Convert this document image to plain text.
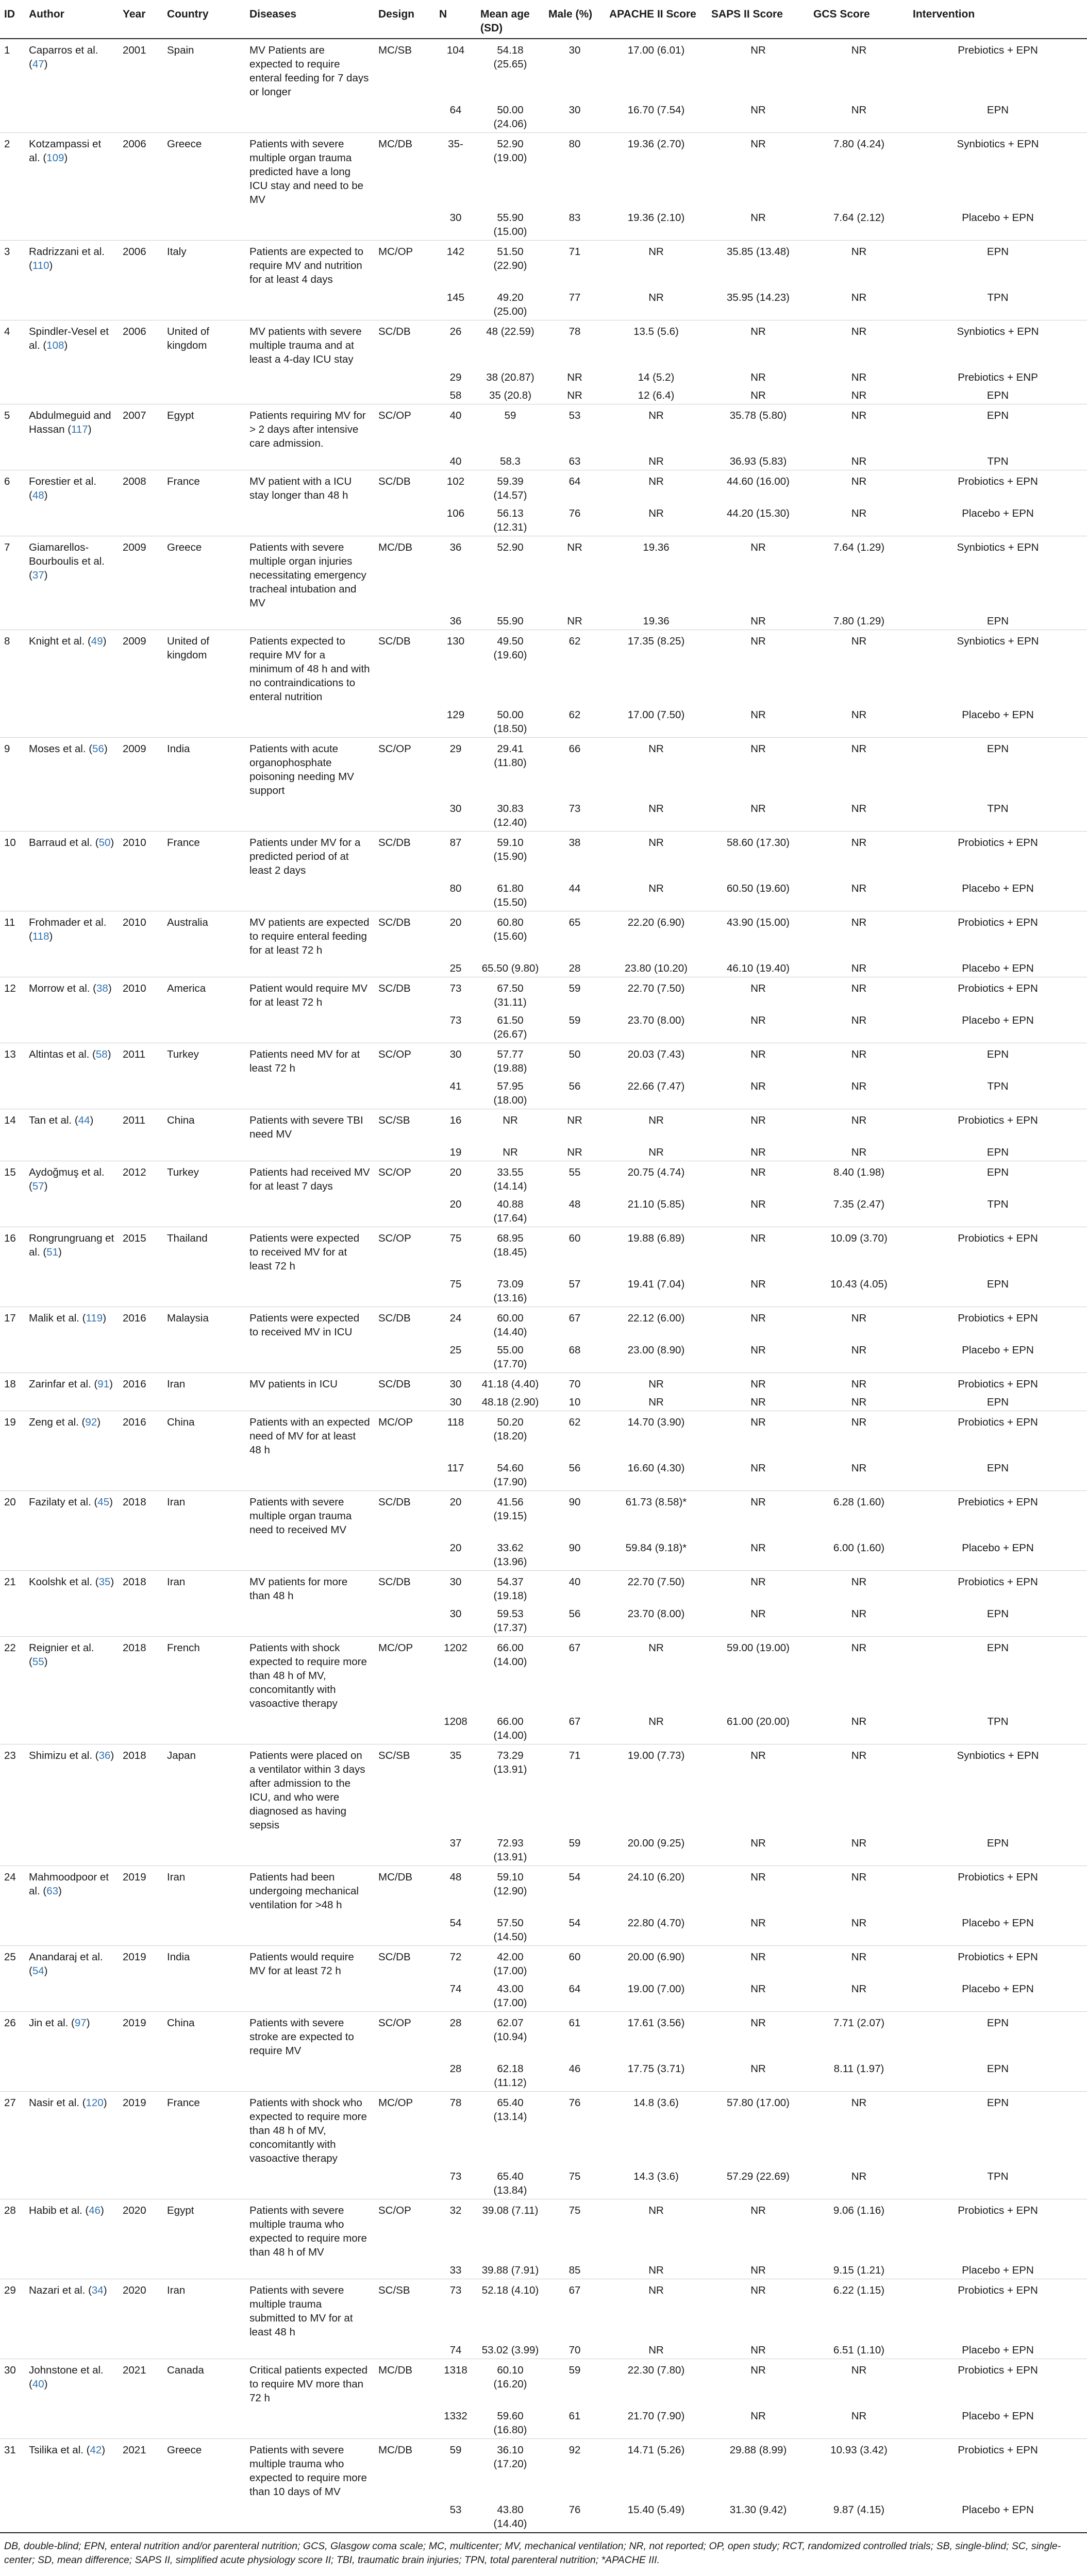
ID	Author	Year	Country	Diseases	Design	N	Mean age (SD)	Male (%)	APACHE II Score	SAPS II Score	GCS Score	Intervention
1	Caparros et al. (47)	2001	Spain	MV Patients are expected to require enteral feeding for 7 days or longer	MC/SB	104	54.18 (25.65)	30	17.00 (6.01)	NR	NR	Prebiotics + EPN
						64	50.00 (24.06)	30	16.70 (7.54)	NR	NR	EPN
2	Kotzampassi et al. (109)	2006	Greece	Patients with severe multiple organ trauma predicted have a long ICU stay and need to be MV	MC/DB	35-	52.90 (19.00)	80	19.36 (2.70)	NR	7.80 (4.24)	Synbiotics + EPN
						30	55.90 (15.00)	83	19.36 (2.10)	NR	7.64 (2.12)	Placebo + EPN
3	Radrizzani et al. (110)	2006	Italy	Patients are expected to require MV and nutrition for at least 4 days	MC/OP	142	51.50 (22.90)	71	NR	35.85 (13.48)	NR	EPN
						145	49.20 (25.00)	77	NR	35.95 (14.23)	NR	TPN
4	Spindler-Vesel et al. (108)	2006	United of kingdom	MV patients with severe multiple trauma and at least a 4-day ICU stay	SC/DB	26	48 (22.59)	78	13.5 (5.6)	NR	NR	Synbiotics + EPN
						29	38 (20.87)	NR	14 (5.2)	NR	NR	Prebiotics + ENP
						58	35 (20.8)	NR	12 (6.4)	NR	NR	EPN
5	Abdulmeguid and Hassan (117)	2007	Egypt	Patients requiring MV for > 2 days after intensive care admission.	SC/OP	40	59	53	NR	35.78 (5.80)	NR	EPN
						40	58.3	63	NR	36.93 (5.83)	NR	TPN
6	Forestier et al. (48)	2008	France	MV patient with a ICU stay longer than 48 h	SC/DB	102	59.39 (14.57)	64	NR	44.60 (16.00)	NR	Probiotics + EPN
						106	56.13 (12.31)	76	NR	44.20 (15.30)	NR	Placebo + EPN
7	Giamarellos-Bourboulis et al. (37)	2009	Greece	Patients with severe multiple organ injuries necessitating emergency tracheal intubation and MV	MC/DB	36	52.90	NR	19.36	NR	7.64 (1.29)	Synbiotics + EPN
						36	55.90	NR	19.36	NR	7.80 (1.29)	EPN
8	Knight et al. (49)	2009	United of kingdom	Patients expected to require MV for a minimum of 48 h and with no contraindications to enteral nutrition	SC/DB	130	49.50 (19.60)	62	17.35 (8.25)	NR	NR	Synbiotics + EPN
						129	50.00 (18.50)	62	17.00 (7.50)	NR	NR	Placebo + EPN
9	Moses et al. (56)	2009	India	Patients with acute organophosphate poisoning needing MV support	SC/OP	29	29.41 (11.80)	66	NR	NR	NR	EPN
						30	30.83 (12.40)	73	NR	NR	NR	TPN
10	Barraud et al. (50)	2010	France	Patients under MV for a predicted period of at least 2 days	SC/DB	87	59.10 (15.90)	38	NR	58.60 (17.30)	NR	Probiotics + EPN
						80	61.80 (15.50)	44	NR	60.50 (19.60)	NR	Placebo + EPN
11	Frohmader et al. (118)	2010	Australia	MV patients are expected to require enteral feeding for at least 72 h	SC/DB	20	60.80 (15.60)	65	22.20 (6.90)	43.90 (15.00)	NR	Probiotics + EPN
						25	65.50 (9.80)	28	23.80 (10.20)	46.10 (19.40)	NR	Placebo + EPN
12	Morrow et al. (38)	2010	America	Patient would require MV for at least 72 h	SC/DB	73	67.50 (31.11)	59	22.70 (7.50)	NR	NR	Probiotics + EPN
						73	61.50 (26.67)	59	23.70 (8.00)	NR	NR	Placebo + EPN
13	Altintas et al. (58)	2011	Turkey	Patients need MV for at least 72 h	SC/OP	30	57.77 (19.88)	50	20.03 (7.43)	NR	NR	EPN
						41	57.95 (18.00)	56	22.66 (7.47)	NR	NR	TPN
14	Tan et al. (44)	2011	China	Patients with severe TBI need MV	SC/SB	16	NR	NR	NR	NR	NR	Probiotics + EPN
						19	NR	NR	NR	NR	NR	EPN
15	Aydoğmuş et al. (57)	2012	Turkey	Patients had received MV for at least 7 days	SC/OP	20	33.55 (14.14)	55	20.75 (4.74)	NR	8.40 (1.98)	EPN
						20	40.88 (17.64)	48	21.10 (5.85)	NR	7.35 (2.47)	TPN
16	Rongrungruang et al. (51)	2015	Thailand	Patients were expected to received MV for at least 72 h	SC/OP	75	68.95 (18.45)	60	19.88 (6.89)	NR	10.09 (3.70)	Probiotics + EPN
						75	73.09 (13.16)	57	19.41 (7.04)	NR	10.43 (4.05)	EPN
17	Malik et al. (119)	2016	Malaysia	Patients were expected to received MV in ICU	SC/DB	24	60.00 (14.40)	67	22.12 (6.00)	NR	NR	Probiotics + EPN
						25	55.00 (17.70)	68	23.00 (8.90)	NR	NR	Placebo + EPN
18	Zarinfar et al. (91)	2016	Iran	MV patients in ICU	SC/DB	30	41.18 (4.40)	70	NR	NR	NR	Probiotics + EPN
						30	48.18 (2.90)	10	NR	NR	NR	EPN
19	Zeng et al. (92)	2016	China	Patients with an expected need of MV for at least 48 h	MC/OP	118	50.20 (18.20)	62	14.70 (3.90)	NR	NR	Probiotics + EPN
						117	54.60 (17.90)	56	16.60 (4.30)	NR	NR	EPN
20	Fazilaty et al. (45)	2018	Iran	Patients with severe multiple organ trauma need to received MV	SC/DB	20	41.56 (19.15)	90	61.73 (8.58)*	NR	6.28 (1.60)	Prebiotics + EPN
						20	33.62 (13.96)	90	59.84 (9.18)*	NR	6.00 (1.60)	Placebo + EPN
21	Koolshk et al. (35)	2018	Iran	MV patients for more than 48 h	SC/DB	30	54.37 (19.18)	40	22.70 (7.50)	NR	NR	Probiotics + EPN
						30	59.53 (17.37)	56	23.70 (8.00)	NR	NR	EPN
22	Reignier et al. (55)	2018	French	Patients with shock expected to require more than 48 h of MV, concomitantly with vasoactive therapy	MC/OP	1202	66.00 (14.00)	67	NR	59.00 (19.00)	NR	EPN
						1208	66.00 (14.00)	67	NR	61.00 (20.00)	NR	TPN
23	Shimizu et al. (36)	2018	Japan	Patients were placed on a ventilator within 3 days after admission to the ICU, and who were diagnosed as having sepsis	SC/SB	35	73.29 (13.91)	71	19.00 (7.73)	NR	NR	Synbiotics + EPN
						37	72.93 (13.91)	59	20.00 (9.25)	NR	NR	EPN
24	Mahmoodpoor et al. (63)	2019	Iran	Patients had been undergoing mechanical ventilation for >48 h	MC/DB	48	59.10 (12.90)	54	24.10 (6.20)	NR	NR	Probiotics + EPN
						54	57.50 (14.50)	54	22.80 (4.70)	NR	NR	Placebo + EPN
25	Anandaraj et al. (54)	2019	India	Patients would require MV for at least 72 h	SC/DB	72	42.00 (17.00)	60	20.00 (6.90)	NR	NR	Probiotics + EPN
						74	43.00 (17.00)	64	19.00 (7.00)	NR	NR	Placebo + EPN
26	Jin et al. (97)	2019	China	Patients with severe stroke are expected to require MV	SC/OP	28	62.07 (10.94)	61	17.61 (3.56)	NR	7.71 (2.07)	EPN
						28	62.18 (11.12)	46	17.75 (3.71)	NR	8.11 (1.97)	EPN
27	Nasir et al. (120)	2019	France	Patients with shock who expected to require more than 48 h of MV, concomitantly with vasoactive therapy	MC/OP	78	65.40 (13.14)	76	14.8 (3.6)	57.80 (17.00)	NR	EPN
						73	65.40 (13.84)	75	14.3 (3.6)	57.29 (22.69)	NR	TPN
28	Habib et al. (46)	2020	Egypt	Patients with severe multiple trauma who expected to require more than 48 h of MV	SC/OP	32	39.08 (7.11)	75	NR	NR	9.06 (1.16)	Probiotics + EPN
						33	39.88 (7.91)	85	NR	NR	9.15 (1.21)	Placebo + EPN
29	Nazari et al. (34)	2020	Iran	Patients with severe multiple trauma submitted to MV for at least 48 h	SC/SB	73	52.18 (4.10)	67	NR	NR	6.22 (1.15)	Probiotics + EPN
						74	53.02 (3.99)	70	NR	NR	6.51 (1.10)	Placebo + EPN
30	Johnstone et al. (40)	2021	Canada	Critical patients expected to require MV more than 72 h	MC/DB	1318	60.10 (16.20)	59	22.30 (7.80)	NR	NR	Probiotics + EPN
						1332	59.60 (16.80)	61	21.70 (7.90)	NR	NR	Placebo + EPN
31	Tsilika et al. (42)	2021	Greece	Patients with severe multiple trauma who expected to require more than 10 days of MV	MC/DB	59	36.10 (17.20)	92	14.71 (5.26)	29.88 (8.99)	10.93 (3.42)	Probiotics + EPN
						53	43.80 (14.40)	76	15.40 (5.49)	31.30 (9.42)	9.87 (4.15)	Placebo + EPN
DB, double-blind; EPN, enteral nutrition and/or parenteral nutrition; GCS, Glasgow coma scale; MC, multicenter; MV, mechanical ventilation; NR, not reported; OP, open study; RCT, randomized controlled trials; SB, single-blind; SC, single-center; SD, mean difference; SAPS II, simplified acute physiology score II; TBI, traumatic brain injuries; TPN, total parenteral nutrition; *APACHE III.
